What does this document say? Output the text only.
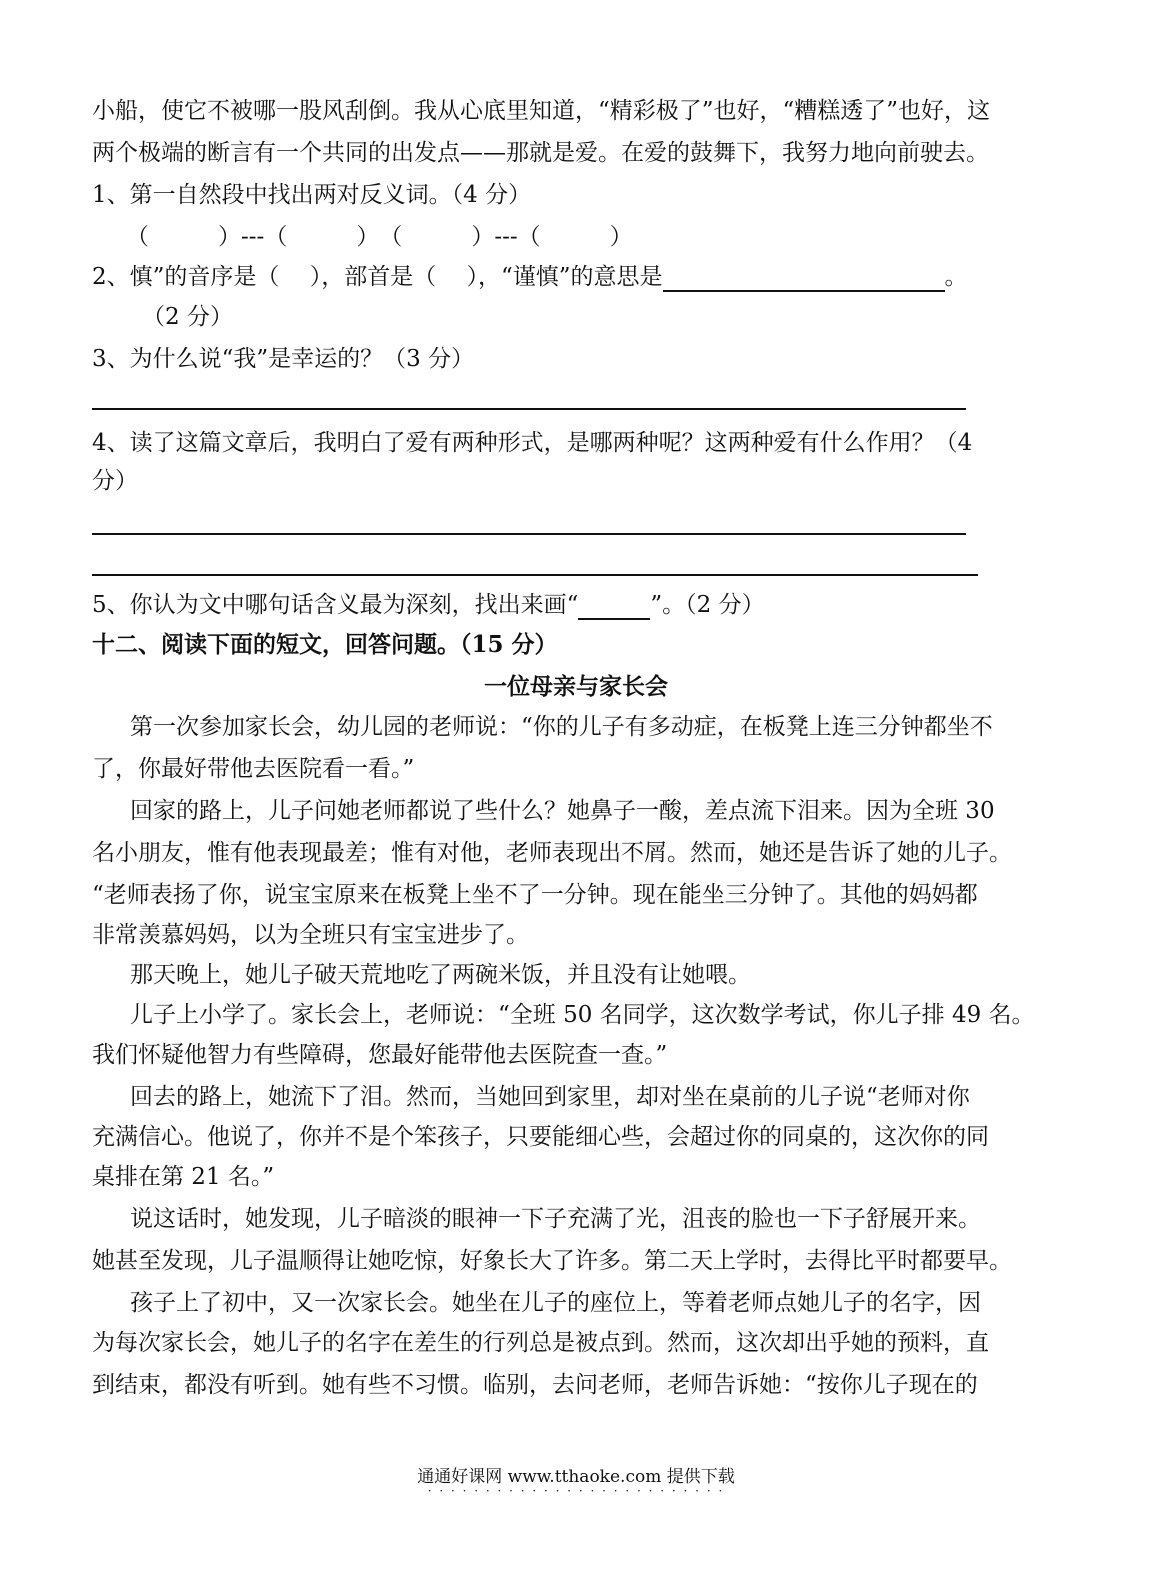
小船，使它不被哪一股风刮倒。我从心底里知道，“精彩极了”也好，“糟糕透了”也好，这
两个极端的断言有一个共同的出发点——那就是爱。在爱的鼓舞下，我努力地向前驶去。
1、第一自然段中找出两对反义词。（4 分）
（　　　）---（　　　）　（　　　）---（　　　）
2、慎”的音序是（　 ），部首是（　 ），“谨慎”的意思是	。
（2 分）
3、为什么说“我”是幸运的？（3 分）
4、读了这篇文章后，我明白了爱有两种形式，是哪两种呢？这两种爱有什么作用？（4
分）
5、你认为文中哪句话含义最为深刻，找出来画“	”。（2 分）
十二、阅读下面的短文，回答问题。（15 分）
一位母亲与家长会
第一次参加家长会，幼儿园的老师说：“你的儿子有多动症，在板凳上连三分钟都坐不
了，你最好带他去医院看一看。”
回家的路上，儿子问她老师都说了些什么？她鼻子一酸，差点流下泪来。因为全班 30
名小朋友，惟有他表现最差；惟有对他，老师表现出不屑。然而，她还是告诉了她的儿子。
“老师表扬了你，说宝宝原来在板凳上坐不了一分钟。现在能坐三分钟了。其他的妈妈都
非常羡慕妈妈，以为全班只有宝宝进步了。
那天晚上，她儿子破天荒地吃了两碗米饭，并且没有让她喂。
儿子上小学了。家长会上，老师说：“全班 50 名同学，这次数学考试，你儿子排 49 名。
我们怀疑他智力有些障碍，您最好能带他去医院查一查。”
回去的路上，她流下了泪。然而，当她回到家里，却对坐在桌前的儿子说“老师对你
充满信心。他说了，你并不是个笨孩子，只要能细心些，会超过你的同桌的，这次你的同
桌排在第 21 名。”
说这话时，她发现，儿子暗淡的眼神一下子充满了光，沮丧的脸也一下子舒展开来。
她甚至发现，儿子温顺得让她吃惊，好象长大了许多。第二天上学时，去得比平时都要早。
孩子上了初中，又一次家长会。她坐在儿子的座位上，等着老师点她儿子的名字，因
为每次家长会，她儿子的名字在差生的行列总是被点到。然而，这次却出乎她的预料，直
到结束，都没有听到。她有些不习惯。临别，去问老师，老师告诉她：“按你儿子现在的
通通好课网 www.tthaoke.com 提供下载
· · · · · · · · · · · · · · · · · · · · · · · · · ·
